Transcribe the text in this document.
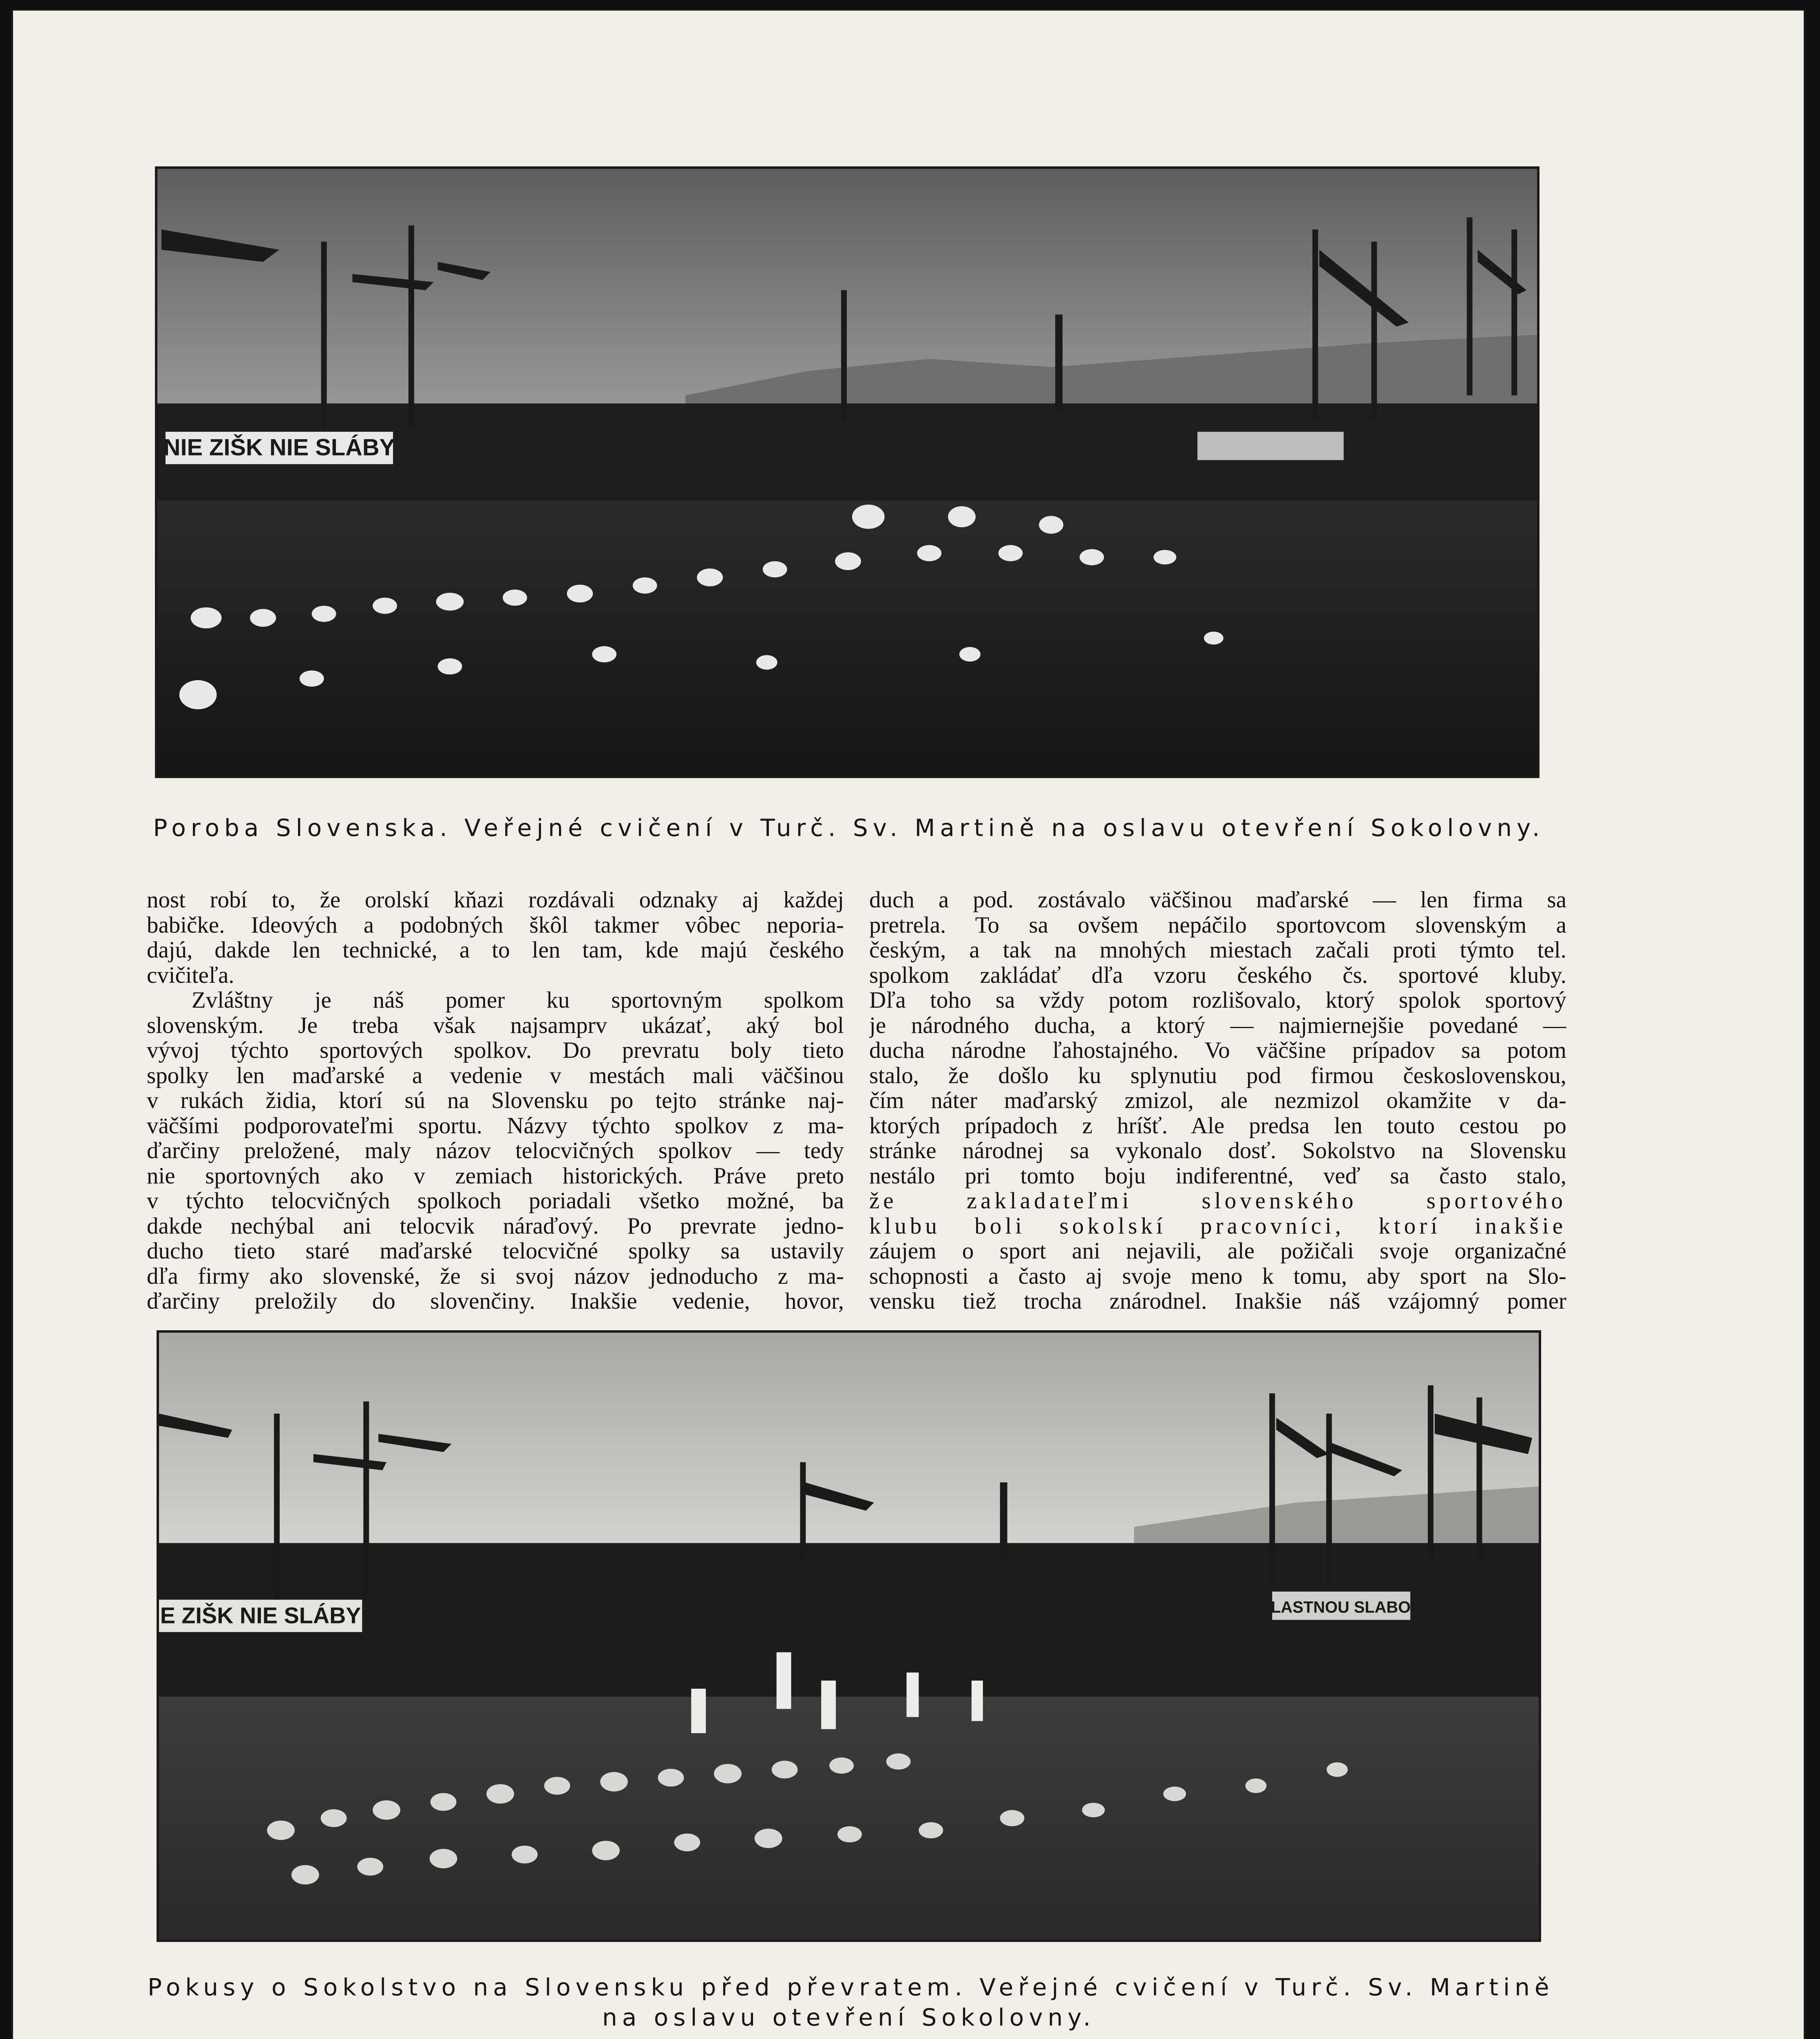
NIE ZIŠK NIE SLÁBY
Poroba Slovenska. Veřejné cvičení v Turč. Sv. Martině na oslavu otevření Sokolovny.
nost robí to, že orolskí kňazi rozdávali odznaky aj každej
babičke. Ideových a podobných škôl takmer vôbec neporia-
dajú, dakde len technické, a to len tam, kde majú českého
cvičiteľa.
Zvláštny je náš pomer ku sportovným spolkom
slovenským. Je treba však najsamprv ukázať, aký bol
vývoj týchto sportových spolkov. Do prevratu boly tieto
spolky len maďarské a vedenie v mestách mali väčšinou
v rukách židia, ktorí sú na Slovensku po tejto stránke naj-
väčšími podporovateľmi sportu. Názvy týchto spolkov z ma-
ďarčiny preložené, maly názov telocvičných spolkov — tedy
nie sportovných ako v zemiach historických. Práve preto
v týchto telocvičných spolkoch poriadali všetko možné, ba
dakde nechýbal ani telocvik náraďový. Po prevrate jedno-
ducho tieto staré maďarské telocvičné spolky sa ustavily
dľa firmy ako slovenské, že si svoj názov jednoducho z ma-
ďarčiny preložily do slovenčiny. Inakšie vedenie, hovor,
duch a pod. zostávalo väčšinou maďarské — len firma sa
pretrela. To sa ovšem nepáčilo sportovcom slovenským a
českým, a tak na mnohých miestach začali proti týmto tel.
spolkom zakládať dľa vzoru českého čs. sportové kluby.
Dľa toho sa vždy potom rozlišovalo, ktorý spolok sportový
je národného ducha, a ktorý — najmiernejšie povedané —
ducha národne ľahostajného. Vo väčšine prípadov sa potom
stalo, že došlo ku splynutiu pod firmou československou,
čím náter maďarský zmizol, ale nezmizol okamžite v da-
ktorých prípadoch z hríšť. Ale predsa len touto cestou po
stránke národnej sa vykonalo dosť. Sokolstvo na Slovensku
nestálo pri tomto boju indiferentné, veď sa často stalo,
že zakladateľmi slovenského sportového
klubu boli sokolskí pracovníci, ktorí inakšie
záujem o sport ani nejavili, ale požičali svoje organizačné
schopnosti a často aj svoje meno k tomu, aby sport na Slo-
vensku tiež trocha znárodnel. Inakšie náš vzájomný pomer
E ZIŠK NIE SLÁBY	VLASTNOU SLABOU
Pokusy o Sokolstvo na Slovensku před převratem. Veřejné cvičení v Turč. Sv. Martině
na oslavu otevření Sokolovny.
